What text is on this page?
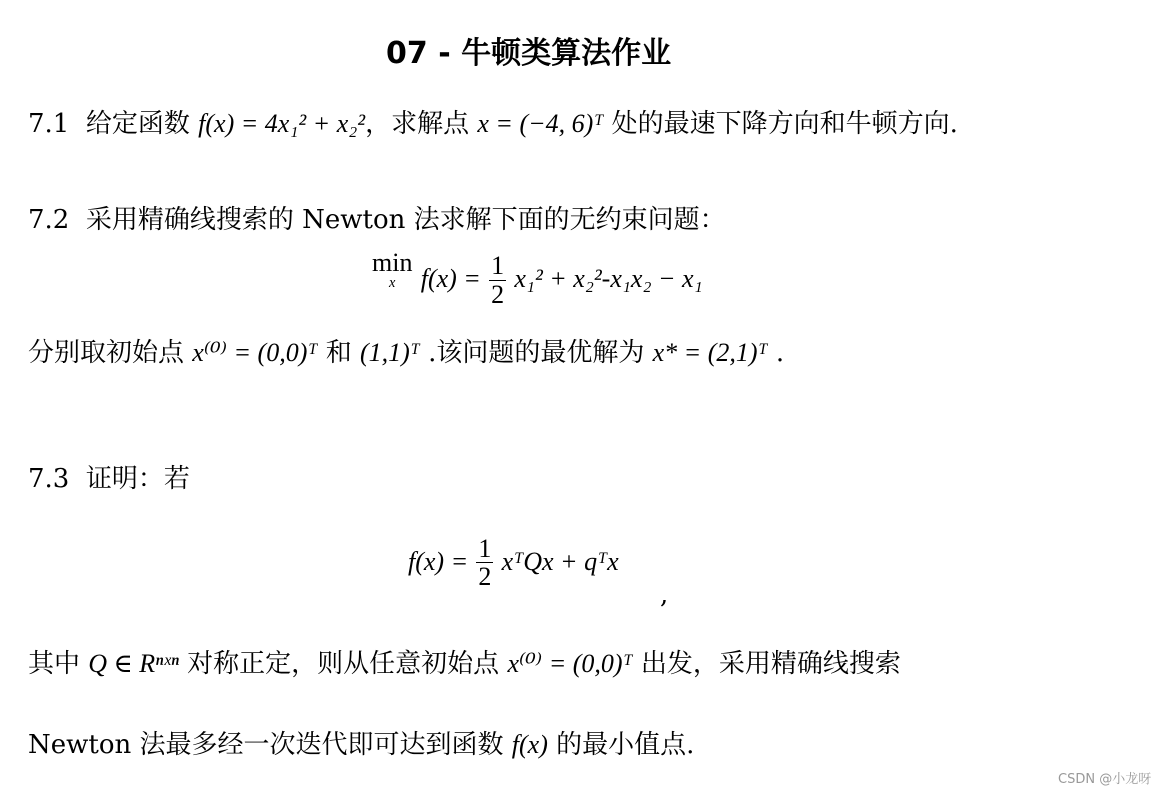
07 - 牛顿类算法作业
7.1 给定函数 f(x) = 4x₁² + x₂²，求解点 x = (−4, 6)ᵀ 处的最速下降方向和牛顿方向.
7.2 采用精确线搜索的 Newton 法求解下面的无约束问题：
min
x $f(x) = \frac{1}{2} x_1^2 + x_2^2-x_1x_2 - x_1$
分别取初始点 x⁽⁰⁾ = (0,0)ᵀ 和 (1,1)ᵀ .该问题的最优解为 x* = (2,1)ᵀ .
7.3 证明：若
$f(x) = \frac{1}{2}$ xᵀQx + qᵀx
,
其中 Q ∈ Rⁿˣⁿ 对称正定，则从任意初始点 x⁽⁰⁾ = (0,0)ᵀ 出发，采用精确线搜索
Newton 法最多经一次迭代即可达到函数 f(x) 的最小值点.
CSDN @小龙呀
